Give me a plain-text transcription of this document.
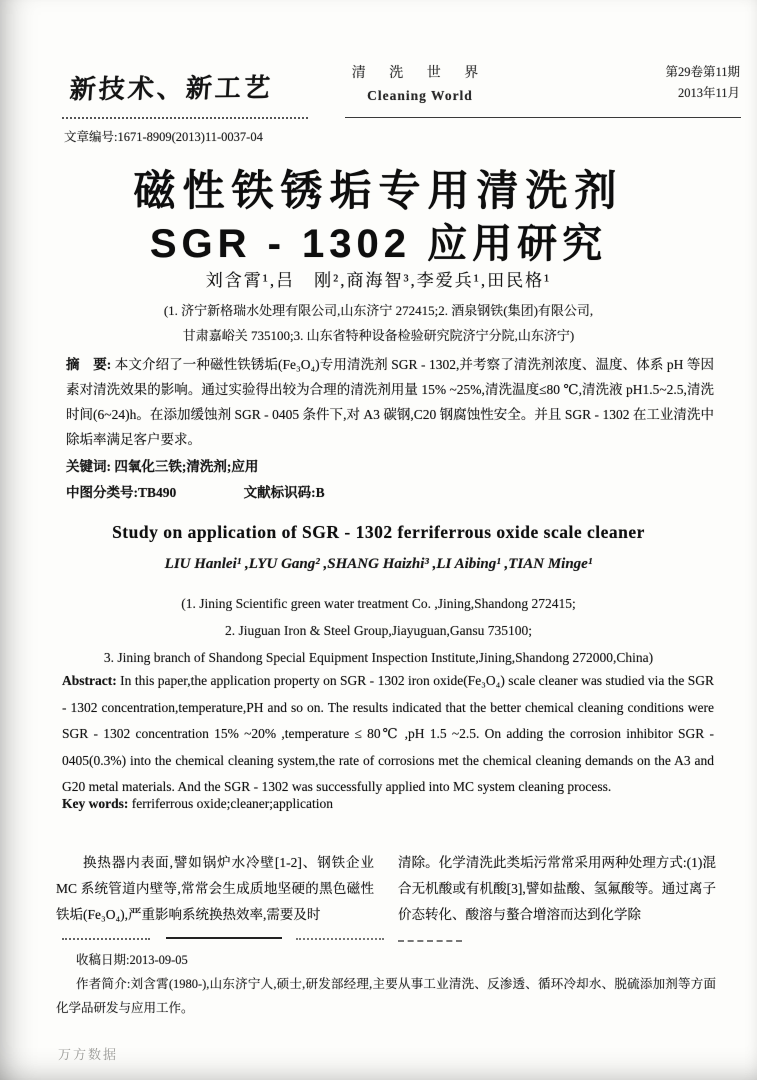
新技术、新工艺	清 洗 世 界
Cleaning World
第29卷第11期
2013年11月
文章编号:1671-8909(2013)11-0037-04
磁性铁锈垢专用清洗剂
SGR - 1302 应用研究
刘含霄¹,吕　刚²,商海智³,李爱兵¹,田民格¹
(1. 济宁新格瑞水处理有限公司,山东济宁 272415;2. 酒泉钢铁(集团)有限公司,
甘肃嘉峪关 735100;3. 山东省特种设备检验研究院济宁分院,山东济宁)
摘　要: 本文介绍了一种磁性铁锈垢(Fe₃O₄)专用清洗剂 SGR - 1302,并考察了清洗剂浓度、温度、体系 pH 等因素对清洗效果的影响。通过实验得出较为合理的清洗剂用量 15% ~25%,清洗温度≤80 ℃,清洗液 pH1.5~2.5,清洗时间(6~24)h。在添加缓蚀剂 SGR - 0405 条件下,对 A3 碳钢,C20 钢腐蚀性安全。并且 SGR - 1302 在工业清洗中除垢率满足客户要求。
关键词: 四氧化三铁;清洗剂;应用
中图分类号:TB490	文献标识码:B
Study on application of SGR - 1302 ferriferrous oxide scale cleaner
LIU Hanlei¹ ,LYU Gang² ,SHANG Haizhi³ ,LI Aibing¹ ,TIAN Minge¹
(1. Jining Scientific green water treatment Co. ,Jining,Shandong 272415;
2. Jiuguan Iron & Steel Group,Jiayuguan,Gansu 735100;
3. Jining branch of Shandong Special Equipment Inspection Institute,Jining,Shandong 272000,China)
Abstract: In this paper,the application property on SGR - 1302 iron oxide(Fe₃O₄) scale cleaner was studied via the SGR - 1302 concentration,temperature,PH and so on. The results indicated that the better chemical cleaning conditions were SGR - 1302 concentration 15% ~20% ,temperature ≤ 80℃ ,pH 1.5 ~2.5. On adding the corrosion inhibitor SGR - 0405(0.3%) into the chemical cleaning system,the rate of corrosions met the chemical cleaning demands on the A3 and G20 metal materials. And the SGR - 1302 was successfully applied into MC system cleaning process.
Key words: ferriferrous oxide;cleaner;application

换热器内表面,譬如锅炉水冷壁[1-2]、钢铁企业 MC 系统管道内壁等,常常会生成质地坚硬的黑色磁性铁垢(Fe₃O₄),严重影响系统换热效率,需要及时

清除。化学清洗此类垢污常常采用两种处理方式:(1)混合无机酸或有机酸[3],譬如盐酸、氢氟酸等。通过离子价态转化、酸溶与螯合增溶而达到化学除

收稿日期:2013-09-05

作者简介:刘含霄(1980-),山东济宁人,硕士,研发部经理,主要从事工业清洗、反渗透、循环冷却水、脱硫添加剂等方面化学品研发与应用工作。

万方数据
